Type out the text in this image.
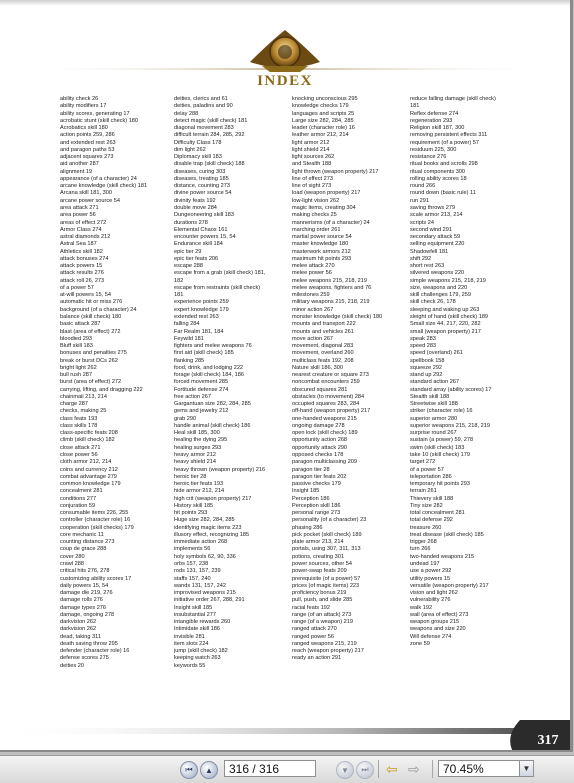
INDEX
ability check 26
ability modifiers 17
ability scores, generating 17
acrobatic stunt (skill check) 180
Acrobatics skill 180
action points 259, 286
and extended rest 263
and paragon paths 53
adjacent squares 273
aid another 287
alignment 19
appearance (of a character) 24
arcane knowledge (skill check) 181
Arcana skill 181, 300
arcane power source 54
area attack 271
area power 56
areas of effect 272
Armor Class 274
astral diamonds 212
Astral Sea 187
Athletics skill 182
attack bonuses 274
attack powers 15
attack results 276
attack roll 26, 273
of a power 57
at-will powers 15, 54
automatic hit or miss 276
background (of a character) 24
balance (skill check) 180
basic attack 287
blast (area of effect) 272
bloodied 293
Bluff skill 183
bonuses and penalties 275
break or burst DCs 262
bright light 262
bull rush 287
burst (area of effect) 272
carrying, lifting, and dragging 222
chainmail 213, 214
charge 287
checks, making 25
class feats 193
class skills 178
class-specific feats 208
climb (skill check) 182
close attack 271
close power 56
cloth armor 212, 214
coins and currency 212
combat advantage 279
common knowledge 179
concealment 281
conditions 277
conjuration 59
consumable items 226, 255
controller (character role) 16
cooperation (skill checks) 179
core mechanic 11
counting distance 273
coup de grace 288
cover 280
crawl 288
critical hits 276, 278
customizing ability scores 17
daily powers 15, 54
damage die 219, 276
damage rolls 276
damage types 276
damage, ongoing 278
darkvision 262
darkvision 262
dead, taking 311
death saving throw 295
defender (character role) 16
defense scores 275
deities 20
deities, clerics and 61
deities, paladins and 90
delay 288
detect magic (skill check) 181
diagonal movement 283
difficult terrain 284, 285, 292
Difficulty Class 178
dim light 262
Diplomacy skill 183
disable trap (skill check) 188
diseases, curing 303
diseases, treating 185
distance, counting 273
divine power source 54
divinity feats 192
double move 284
Dungeoneering skill 183
durations 278
Elemental Chaos 161
encounter powers 15, 54
Endurance skill 184
epic tier 29
epic tier feats 206
escape 288
escape from a grab (skill check) 181,
182
escape from restraints (skill check)
181
experience points 259
expert knowledge 179
extended rest 263
falling 284
Far Realm 181, 184
Feywild 181
fighters and melee weapons 76
first aid (skill check) 185
flanking 285
food, drink, and lodging 222
forage (skill check) 184, 186
forced movement 285
Fortitude defense 274
free action 267
Gargantuan size 282, 284, 285
gems and jewelry 212
grab 290
handle animal (skill check) 186
Heal skill 185, 300
healing the dying 295
healing surges 293
heavy armor 212
heavy shield 214
heavy thrown (weapon property) 216
heroic tier 28
heroic tier feats 193
hide armor 212, 214
high crit (weapon property) 217
History skill 185
hit points 293
Huge size 282, 284, 285
identifying magic items 223
illusory effect, recognizing 185
immediate action 268
implements 56
holy symbols 62, 90, 336
orbs 157, 238
rods 131, 157, 239
staffs 157, 240
wands 131, 157, 242
improvised weapons 215
initiative order 267, 288, 291
Insight skill 185
insubstantial 277
intangible rewards 260
Intimidate skill 186
invisible 281
item slots 224
jump (skill check) 182
keeping watch 263
keywords 55
knocking unconscious 295
knowledge checks 179
languages and scripts 25
Large size 282, 284, 285
leader (character role) 16
leather armor 212, 214
light armor 212
light shield 214
light sources 262
and Stealth 188
light thrown (weapon property) 217
line of effect 273
line of sight 273
load (weapon property) 217
low-light vision 262
magic items, creating 304
making checks 25
mannerisms (of a character) 24
marching order 261
martial power source 54
master knowledge 180
masterwork armors 212
maximum hit points 293
melee attack 270
melee power 56
melee weapons 215, 218, 219
melee weapons, fighters and 76
milestones 259
military weapons 215, 218, 219
minor action 267
monster knowledge (skill check) 180
mounts and transport 222
mounts and vehicles 261
move action 267
movement, diagonal 283
movement, overland 260
multiclass feats 192, 208
Nature skill 186, 300
nearest creature or square 273
noncombat encounters 259
obscured squares 281
obstacles (to movement) 284
occupied squares 283, 284
off-hand (weapon property) 217
one-handed weapons 215
ongoing damage 278
open lock (skill check) 189
opportunity action 268
opportunity attack 290
opposed checks 178
paragon multiclassing 209
paragon tier 28
paragon tier feats 202
passive checks 179
Insight 185
Perception 186
Perception skill 186
personal range 273
personality (of a character) 23
phasing 286
pick pocket (skill check) 189
plate armor 213, 214
portals, using 307, 311, 313
potions, creating 301
power sources, other 54
power-swap feats 209
prerequisite (of a power) 57
prices (of magic items) 223
proficiency bonus 219
pull, push, and slide 285
racial feats 192
range (of an attack) 273
range (of a weapon) 219
ranged attack 270
ranged power 56
ranged weapons 215, 219
reach (weapon property) 217
ready an action 291
reduce falling damage (skill check)
181
Reflex defense 274
regeneration 293
Religion skill 187, 300
removing persistent effects 311
requirement (of a power) 57
residuum 225, 300
resistance 276
ritual books and scrolls 298
ritual components 300
rolling ability scores 18
round 266
round down (basic rule) 11
run 291
saving throws 279
scale armor 213, 214
scripts 24
second wind 291
secondary attack 59
selling equipment 220
Shadowfell 181
shift 292
short rest 263
silvered weapons 220
simple weapons 215, 218, 219
size, weapons and 220
skill challenges 179, 259
skill check 26, 178
sleeping and waking up 263
sleight of hand (skill check) 189
Small size 44, 217, 220, 282
small (weapon property) 217
speak 283
speed 283
speed (overland) 261
spellbook 158
squeeze 292
stand up 292
standard action 267
standard array (ability scores) 17
Stealth skill 188
Streetwise skill 188
striker (character role) 16
superior armor 280
superior weapons 215, 218, 219
surprise round 267
sustain (a power) 59, 278
swim (skill check) 183
take 10 (skill check) 179
target 272
of a power 57
teleportation 286
temporary hit points 293
terrain 261
Thievery skill 188
Tiny size 282
total concealment 281
total defense 292
treasure 260
treat disease (skill check) 185
trigger 268
turn 266
two-handed weapons 215
undead 197
use a power 292
utility powers 15
versatile (weapon property) 217
vision and light 262
vulnerability 276
walk 192
wall (area of effect) 273
weapon groups 215
weapons and size 220
Will defense 274
zone 59
317
⏮ ▲	316 / 316	▼ ⏭ ⇦ ⇨	70.45%	▼
